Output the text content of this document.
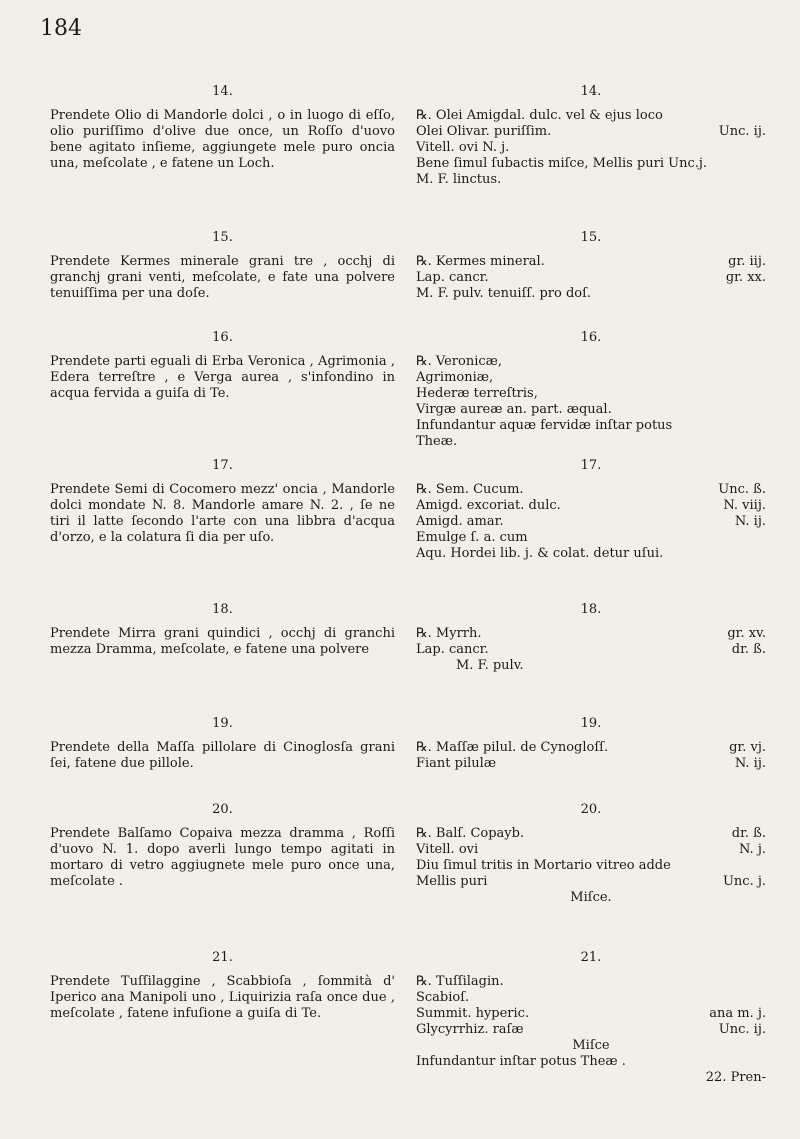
184
14.
Prendete Olio di Mandorle dolci , o in luogo di eſſo, olio puriſſimo d'olive due once, un Roſſo d'uovo bene agitato inſieme, aggiungete mele puro oncia una, meſcolate , e fatene un Loch.
15.
Prendete Kermes minerale grani tre , occhj di granchj grani venti, meſcolate, e fate una polvere tenuiſſima per una doſe.
16.
Prendete parti eguali di Erba Veronica , Agrimonia , Edera terreſtre , e Verga aurea , s'infondino in acqua fervida a guiſa di Te.
17.
Prendete Semi di Cocomero mezz' oncia , Mandorle dolci mondate N. 8. Mandorle amare N. 2. , ſe ne tiri il latte ſecondo l'arte con una libbra d'acqua d'orzo, e la colatura ſi dia per uſo.
18.
Prendete Mirra grani quindici , occhj di granchi mezza Dramma, meſcolate, e fatene una polvere
19.
Prendete della Maſſa pillolare di Cinoglosſa grani ſei, fatene due pillole.
20.
Prendete Balſamo Copaiva mezza dramma , Roſſi d'uovo N. 1. dopo averli lungo tempo agitati in mortaro di vetro aggiugnete mele puro once una, meſcolate .
21.
Prendete Tuſſilaggine , Scabbioſa , ſommità d' Iperico ana Manipoli uno , Liquirizia raſa once due , meſcolate , fatene infuſione a guiſa di Te.
14.
℞. Olei Amigdal. dulc. vel & ejus loco
Olei Olivar. puriſſim.	Unc. ij.
Vitell. ovi N. j.
Bene ſimul ſubactis miſce, Mellis puri Unc.j.
M. F. linctus.
15.
℞. Kermes mineral.	gr. iij.
Lap. cancr.	gr. xx.
M. F. pulv. tenuiſſ. pro doſ.
16.
℞. Veronicæ,
Agrimoniæ,
Hederæ terreſtris,
Virgæ aureæ an. part. æqual.
Infundantur aquæ fervidæ inſtar potus
Theæ.
17.
℞. Sem. Cucum.	Unc. ß.
Amigd. excoriat. dulc.	N. viij.
Amigd. amar.	N. ij.
Emulge ſ. a. cum
Aqu. Hordei lib. j. & colat. detur uſui.
18.
℞. Myrrh.	gr. xv.
Lap. cancr.	dr. ß.
M. F. pulv.
19.
℞. Maſſæ pilul. de Cynogloſſ.	gr. vj.
Fiant pilulæ	N. ij.
20.
℞. Balſ. Copayb.	dr. ß.
Vitell. ovi	N. j.
Diu ſimul tritis in Mortario vitreo adde
Mellis puri	Unc. j.
Miſce.
21.
℞. Tuſſilagin.
Scabioſ.
Summit. hyperic.	ana m. j.
Glycyrrhiz. raſæ	Unc. ij.
Miſce
Infundantur inſtar potus Theæ .
22. Pren-
